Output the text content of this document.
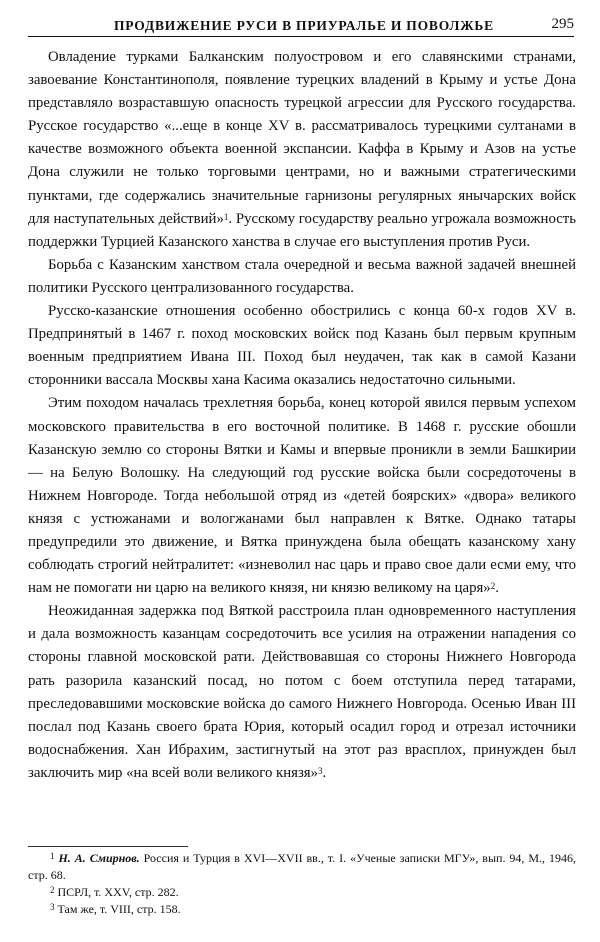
ПРОДВИЖЕНИЕ РУСИ В ПРИУРАЛЬЕ И ПОВОЛЖЬЕ	295

Овладение турками Балканским полуостровом и его славянскими странами, завоевание Константинополя, появление турецких владений в Крыму и устье Дона представляло возраставшую опасность турецкой агрессии для Русского государства. Русское государство «...еще в конце XV в. рассматривалось турецкими султанами в качестве возможного объекта военной экспансии. Каффа в Крыму и Азов на устье Дона служили не только торговыми центрами, но и важными стратегическими пунктами, где содержались значительные гарнизоны регулярных янычарских войск для наступательных действий»$^1$. Русскому государству реально угрожала возможность поддержки Турцией Казанского ханства в случае его выступления против Руси.

Борьба с Казанским ханством стала очередной и весьма важной задачей внешней политики Русского централизованного государства.

Русско-казанские отношения особенно обострились с конца 60-х годов XV в. Предпринятый в 1467 г. поход московских войск под Казань был первым крупным военным предприятием Ивана III. Поход был неудачен, так как в самой Казани сторонники вассала Москвы хана Касима оказались недостаточно сильными.

Этим походом началась трехлетняя борьба, конец которой явился первым успехом московского правительства в его восточной политике. В 1468 г. русские обошли Казанскую землю со стороны Вятки и Камы и впервые проникли в земли Башкирии — на Белую Волошку. На следующий год русские войска были сосредоточены в Нижнем Новгороде. Тогда небольшой отряд из «детей боярских» «двора» великого князя с устюжанами и вологжанами был направлен к Вятке. Однако татары предупредили это движение, и Вятка принуждена была обещать казанскому хану соблюдать строгий нейтралитет: «изневолил нас царь и право свое дали есми ему, что нам не помогати ни царю на великого князя, ни князю великому на царя»$^2$.

Неожиданная задержка под Вяткой расстроила план одновременного наступления и дала возможность казанцам сосредоточить все усилия на отражении нападения со стороны главной московской рати. Действовавшая со стороны Нижнего Новгорода рать разорила казанский посад, но потом с боем отступила перед татарами, преследовавшими московские войска до самого Нижнего Новгорода. Осенью Иван III послал под Казань своего брата Юрия, который осадил город и отрезал источники водоснабжения. Хан Ибрахим, застигнутый на этот раз врасплох, принужден был заключить мир «на всей воли великого князя»$^3$.

$^1$ Н. А. Смирнов. Россия и Турция в XVI—XVII вв., т. I. «Ученые записки МГУ», вып. 94, М., 1946, стр. 68.

$^2$ ПСРЛ, т. XXV, стр. 282.

$^3$ Там же, т. VIII, стр. 158.
